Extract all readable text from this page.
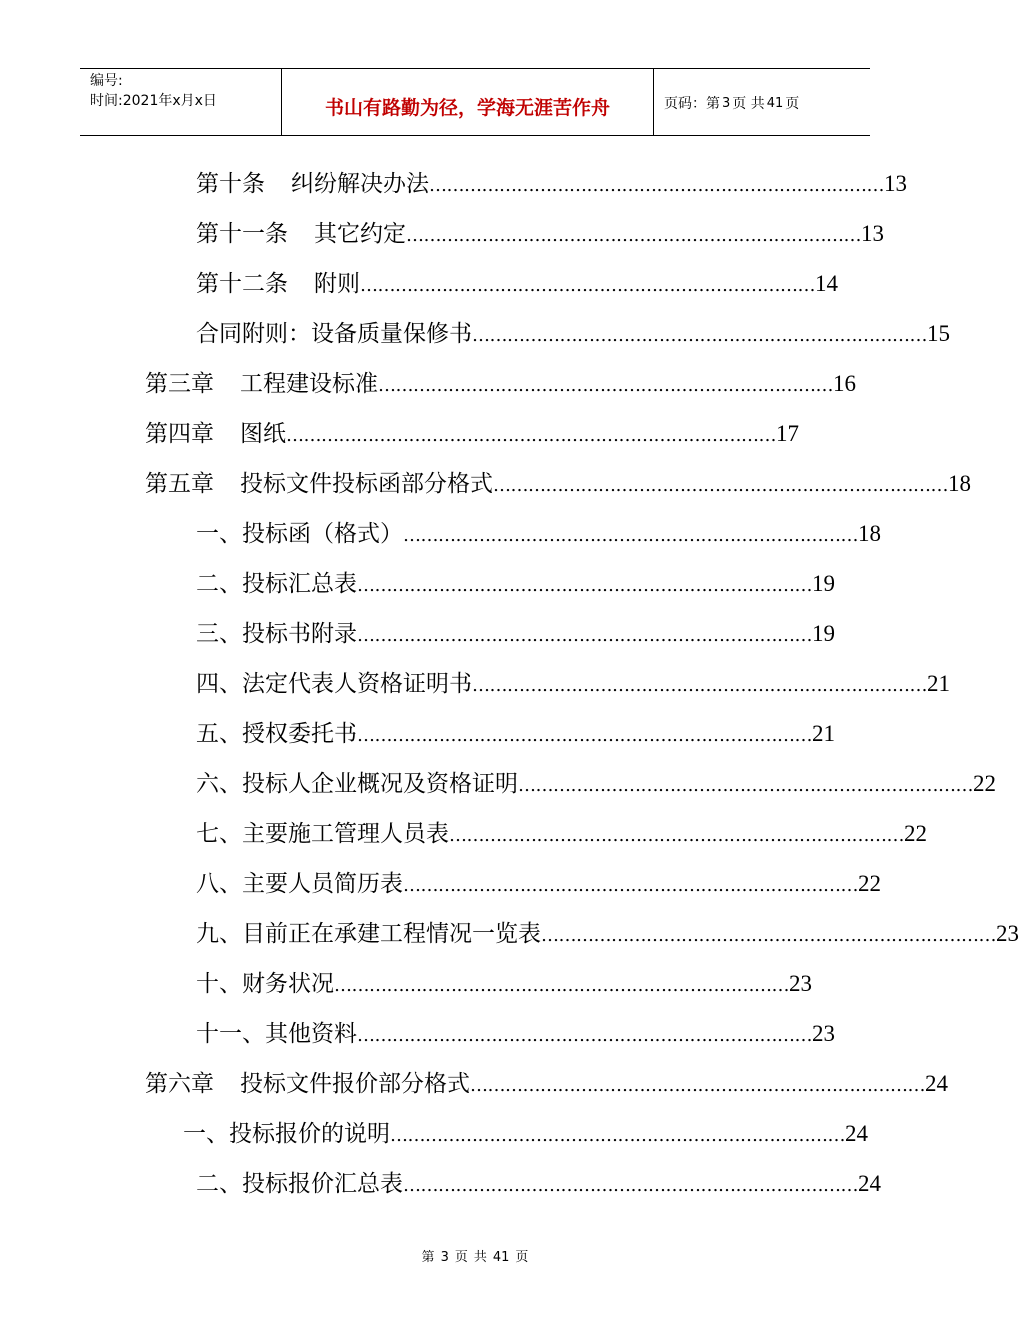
编号:
时间:2021年x月x日	书山有路勤为径，学海无涯苦作舟	页码：第 3 页 共 41 页
第十条 纠纷解决办法 …………………………………………………………………… 13
第十一条 其它约定 …………………………………………………………………… 13
第十二条 附则 …………………………………………………………………… 14
合同附则：设备质量保修书 …………………………………………………………………… 15
第三章 工程建设标准 …………………………………………………………………… 16
第四章 图纸 ………………………………………………………………………… 17
第五章 投标文件投标函部分格式 …………………………………………………………………… 18
一、投标函（格式） …………………………………………………………………… 18
二、投标汇总表 …………………………………………………………………… 19
三、投标书附录 …………………………………………………………………… 19
四、法定代表人资格证明书 …………………………………………………………………… 21
五、授权委托书 …………………………………………………………………… 21
六、投标人企业概况及资格证明 …………………………………………………………………… 22
七、主要施工管理人员表 …………………………………………………………………… 22
八、主要人员简历表 …………………………………………………………………… 22
九、目前正在承建工程情况一览表 …………………………………………………………………… 23
十、财务状况 …………………………………………………………………… 23
十一、其他资料 …………………………………………………………………… 23
第六章 投标文件报价部分格式 …………………………………………………………………… 24
一、投标报价的说明 …………………………………………………………………… 24
二、投标报价汇总表 …………………………………………………………………… 24
第 3 页 共 41 页
